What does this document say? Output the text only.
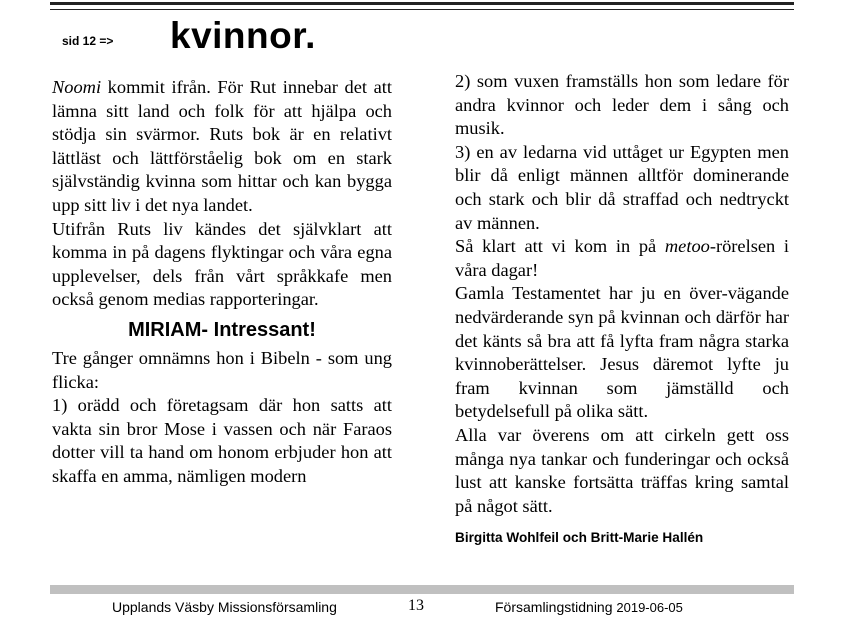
sid 12 => kvinnor.

Noomi kommit ifrån. För Rut innebar det att lämna sitt land och folk för att hjälpa och stödja sin svärmor. Ruts bok är en relativt lättläst och lättförståelig bok om en stark självständig kvinna som hittar och kan bygga upp sitt liv i det nya landet.

Utifrån Ruts liv kändes det självklart att komma in på dagens flyktingar och våra egna upplevelser, dels från vårt språkkafe men också genom medias rapporteringar.

MIRIAM- Intressant!

Tre gånger omnämns hon i Bibeln - som ung flicka:

1) orädd och företagsam där hon satts att vakta sin bror Mose i vassen och när Faraos dotter vill ta hand om honom erbjuder hon att skaffa en amma, nämligen modern

2) som vuxen framställs hon som ledare för andra kvinnor och leder dem i sång och musik.

3) en av ledarna vid uttåget ur Egypten men blir då enligt männen alltför dominerande och stark och blir då straffad och nedtryckt av männen.

Så klart att vi kom in på metoo-rörelsen i våra dagar!

Gamla Testamentet har ju en över-vägande nedvärderande syn på kvinnan och därför har det känts så bra att få lyfta fram några starka kvinnoberättelser. Jesus däremot lyfte ju fram kvinnan som jämställd och betydelsefull på olika sätt.

Alla var överens om att cirkeln gett oss många nya tankar och funderingar och också lust att kanske fortsätta träffas kring samtal på något sätt.

Birgitta Wohlfeil och Britt-Marie Hallén

Upplands Väsby Missionsförsamling	13	Församlingstidning 2019-06-05
